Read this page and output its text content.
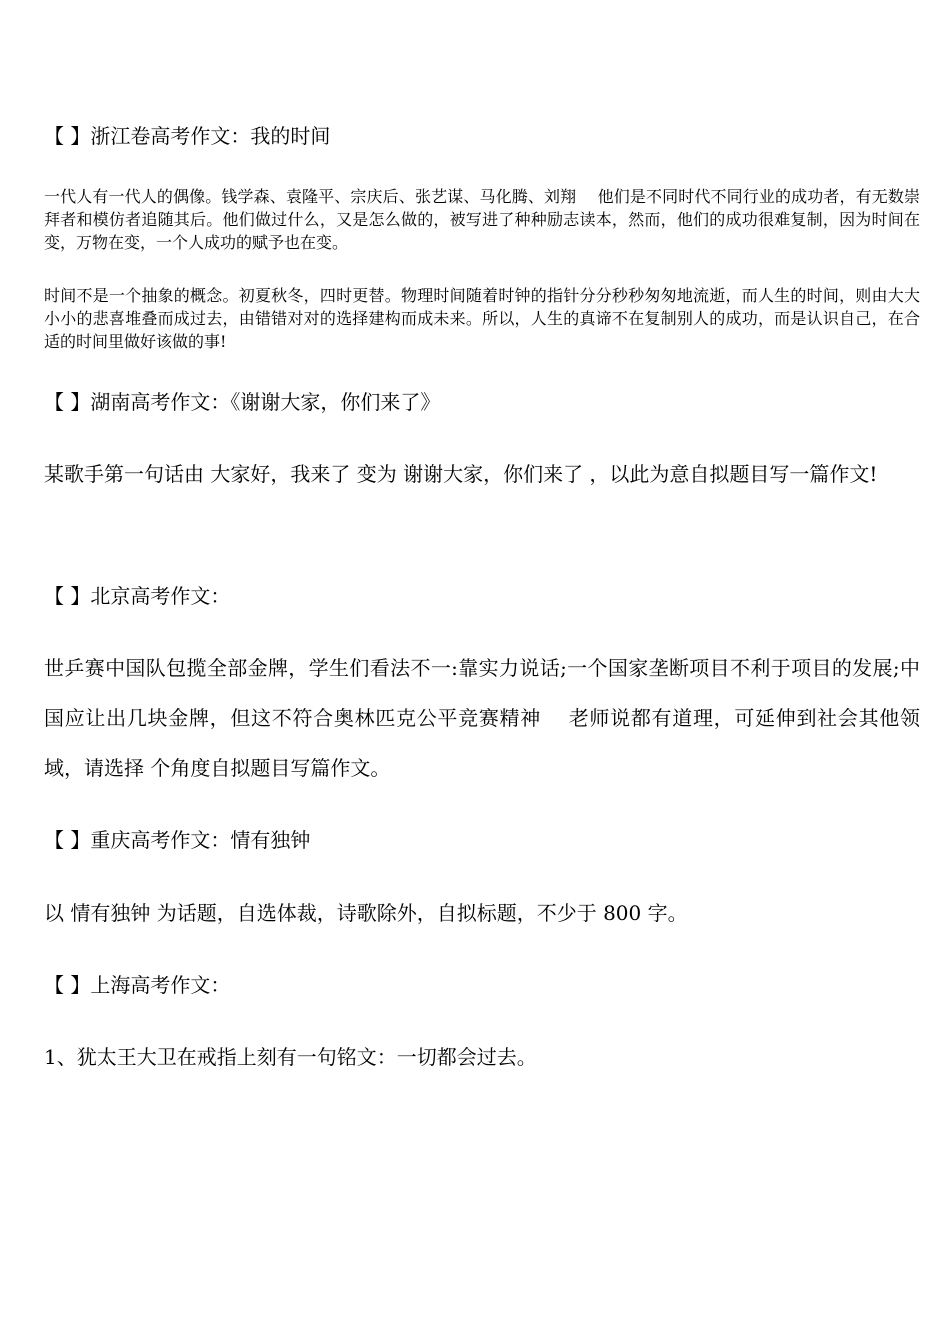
【 】浙江卷高考作文：我的时间

一代人有一代人的偶像。钱学森、袁隆平、宗庆后、张艺谋、马化腾、刘翔　 他们是不同时代不同行业的成功者，有无数崇拜者和模仿者追随其后。他们做过什么，又是怎么做的，被写进了种种励志读本，然而，他们的成功很难复制，因为时间在变，万物在变，一个人成功的赋予也在变。

时间不是一个抽象的概念。初夏秋冬，四时更替。物理时间随着时钟的指针分分秒秒匆匆地流逝，而人生的时间，则由大大小小的悲喜堆叠而成过去，由错错对对的选择建构而成未来。所以，人生的真谛不在复制别人的成功，而是认识自己，在合适的时间里做好该做的事!

【 】湖南高考作文：《谢谢大家，你们来了》

某歌手第一句话由 大家好，我来了 变为 谢谢大家，你们来了 ，以此为意自拟题目写一篇作文!

【 】北京高考作文：

世乒赛中国队包揽全部金牌，学生们看法不一:靠实力说话;一个国家垄断项目不利于项目的发展;中国应让出几块金牌，但这不符合奥林匹克公平竞赛精神　 老师说都有道理，可延伸到社会其他领域，请选择 个角度自拟题目写篇作文。

【 】重庆高考作文：情有独钟
以 情有独钟 为话题，自选体裁，诗歌除外，自拟标题，不少于 800 字。
【 】上海高考作文：
1、犹太王大卫在戒指上刻有一句铭文：一切都会过去。
